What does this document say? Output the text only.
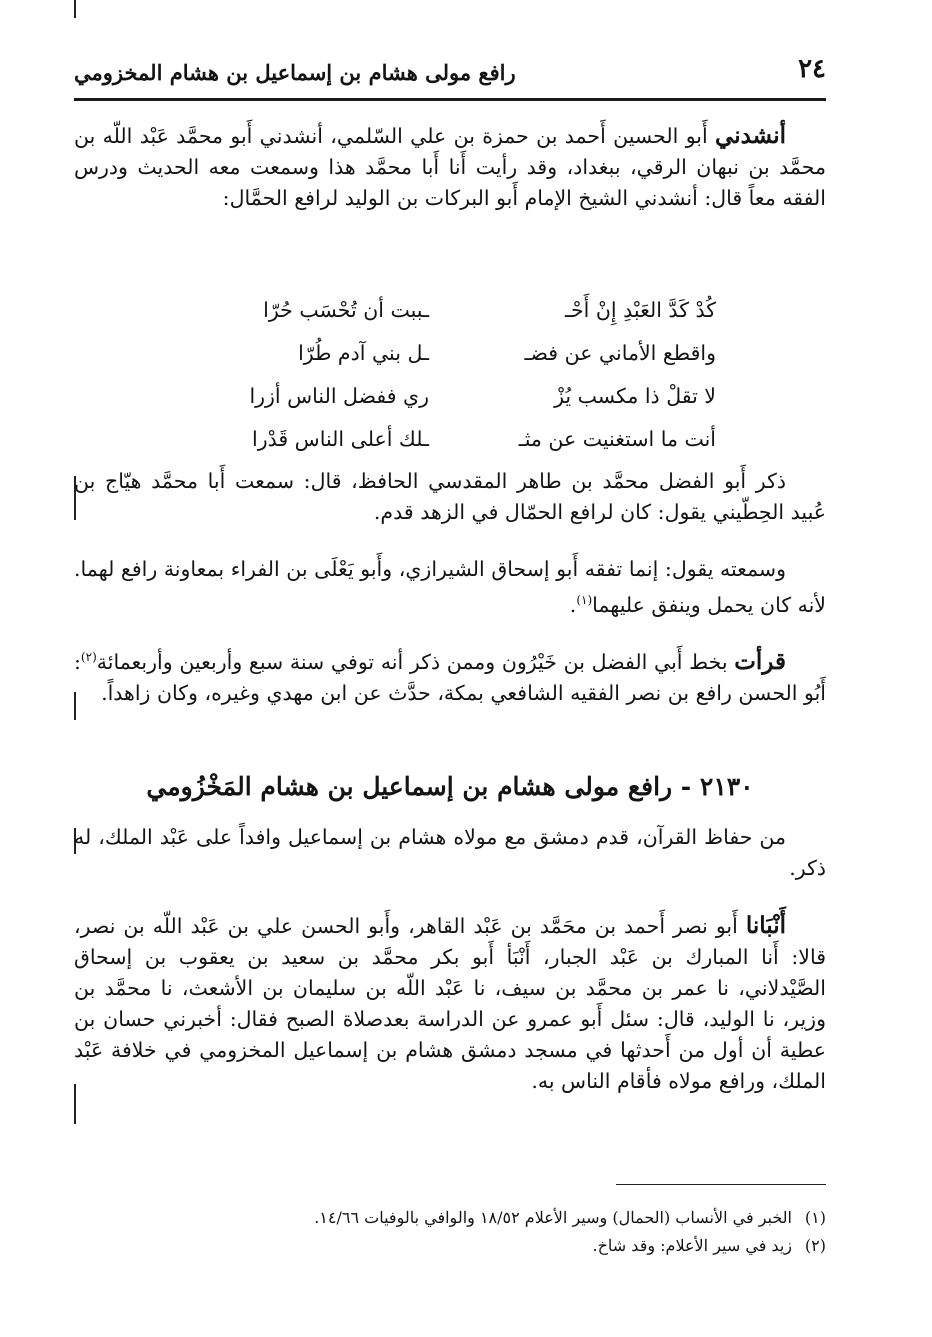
٢٤
رافع مولى هشام بن إسماعيل بن هشام المخزومي

أنشدني أَبو الحسين أَحمد بن حمزة بن علي السّلمي، أنشدني أَبو محمَّد عَبْد اللّه بن محمَّد بن نبهان الرقي، ببغداد، وقد رأيت أَنا أَبا محمَّد هذا وسمعت معه الحديث ودرس الفقه معاً قال: أنشدني الشيخ الإمام أَبو البركات بن الوليد لرافع الحمَّال:

كُدْ كَدَّ العَبْدِ إِنْ أَحْـ
ـببت أن تُحْسَب حُرّا
واقطع الأماني عن فضـ
ـل بني آدم طُرّا
لا تقلْ ذا مكسب يُزْ
ري ففضل الناس أزرا
أنت ما استغنيت عن مثـ
ـلك أعلى الناس قَدْرا

ذكر أَبو الفضل محمَّد بن طاهر المقدسي الحافظ، قال: سمعت أَبا محمَّد هيّاج بن عُبيد الحِطّيني يقول: كان لرافع الحمّال في الزهد قدم.

وسمعته يقول: إنما تفقه أَبو إسحاق الشيرازي، وأَبو يَعْلَى بن الفراء بمعاونة رافع لهما. لأنه كان يحمل وينفق عليهما$^{(١)}$.

قرأت بخط أَبي الفضل بن خَيْرُون وممن ذكر أنه توفي سنة سبع وأربعين وأربعمائة$^{(٢)}$: أَبُو الحسن رافع بن نصر الفقيه الشافعي بمكة، حدَّث عن ابن مهدي وغيره، وكان زاهداً.

٢١٣٠ - رافع مولى هشام بن إسماعيل بن هشام المَخْزُومي

من حفاظ القرآن، قدم دمشق مع مولاه هشام بن إسماعيل وافداً على عَبْد الملك، له ذكر.

أَنْبَانا أَبو نصر أَحمد بن محَمَّد بن عَبْد القاهر، وأَبو الحسن علي بن عَبْد اللّه بن نصر، قالا: أَنا المبارك بن عَبْد الجبار، أَنْبَأ أَبو بكر محمَّد بن سعيد بن يعقوب بن إسحاق الصَّيْدلاني، نا عمر بن محمَّد بن سيف، نا عَبْد اللّه بن سليمان بن الأشعث، نا محمَّد بن وزير، نا الوليد، قال: سئل أَبو عمرو عن الدراسة بعدصلاة الصبح فقال: أخبرني حسان بن عطية أن أول من أَحدثها في مسجد دمشق هشام بن إسماعيل المخزومي في خلافة عَبْد الملك، ورافع مولاه فأقام الناس به.

(١)الخبر في الأنساب (الحمال) وسير الأعلام ١٨/٥٢ والوافي بالوفيات ١٤/٦٦.
(٢)زيد في سير الأعلام: وقد شاخ.
